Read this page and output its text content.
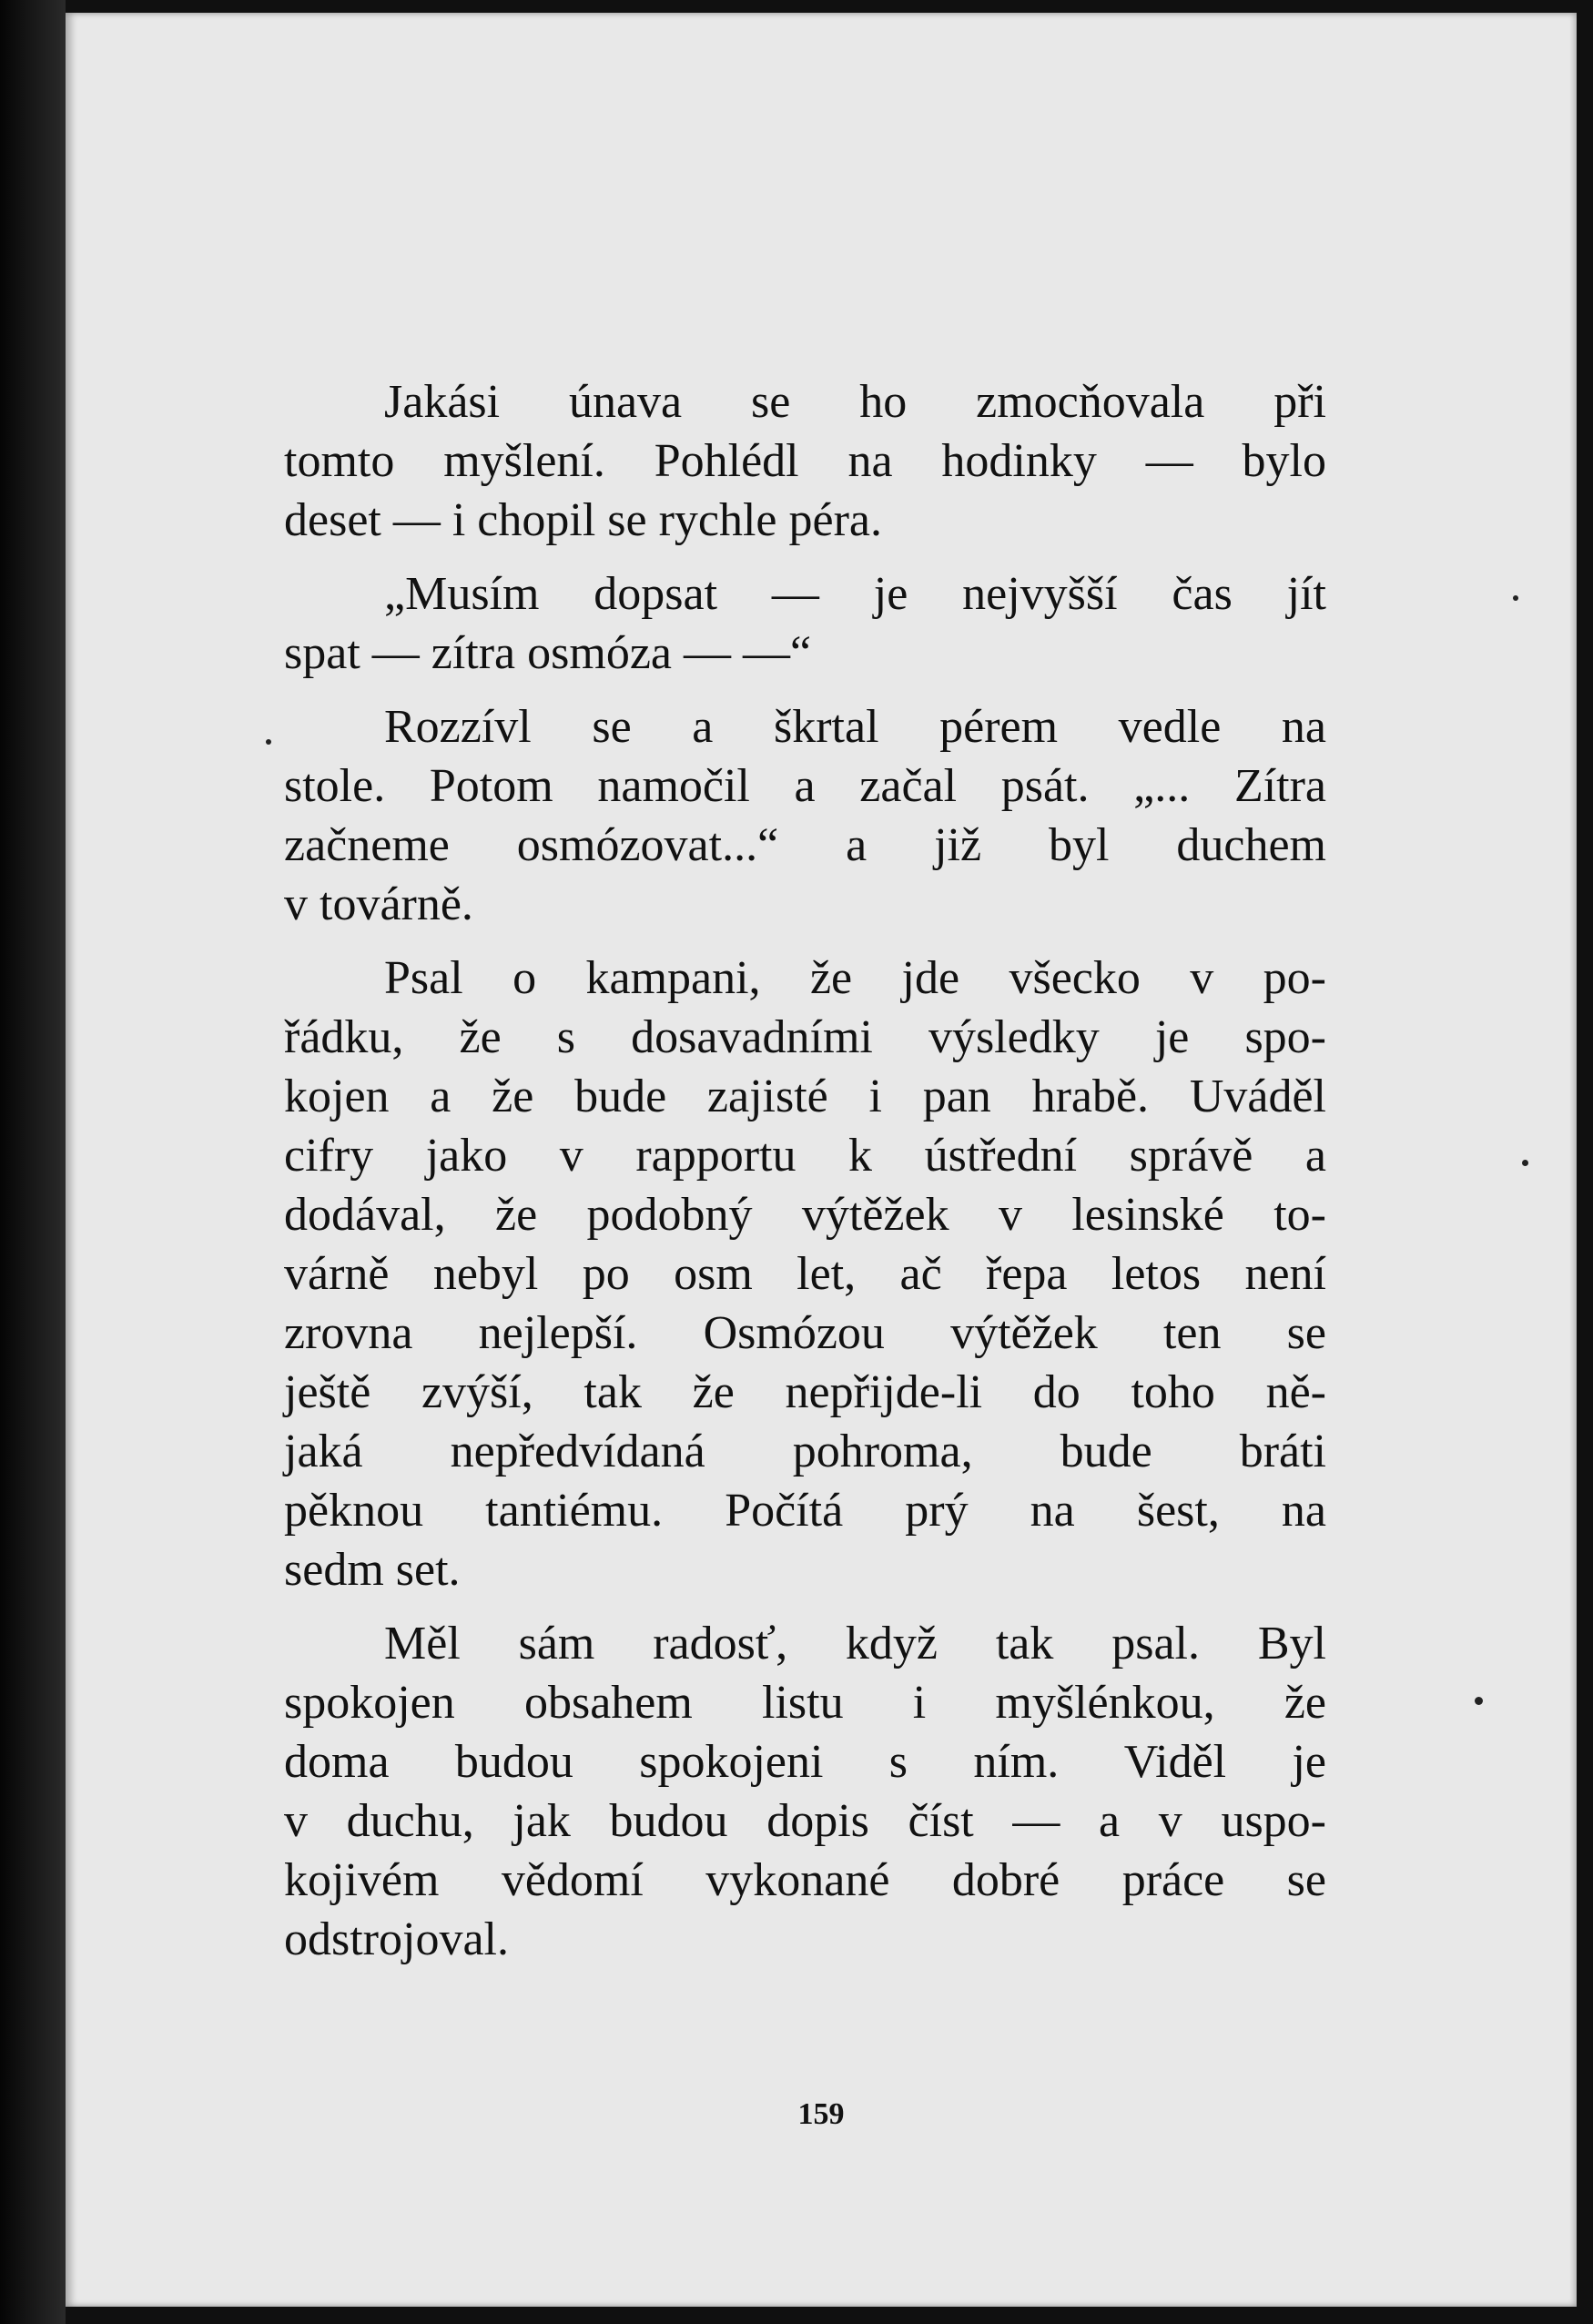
Jakási únava se ho zmocňovala při
tomto myšlení. Pohlédl na hodinky — bylo
deset — i chopil se rychle péra.
„Musím dopsat — je nejvyšší čas jít
spat — zítra osmóza — —“
Rozzívl se a škrtal pérem vedle na
stole. Potom namočil a začal psát. „... Zítra
začneme osmózovat...“ a již byl duchem
v továrně.
Psal o kampani, že jde všecko v po-
řádku, že s dosavadními výsledky je spo-
kojen a že bude zajisté i pan hrabě. Uváděl
cifry jako v rapportu k ústřední správě a
dodával, že podobný výtěžek v lesinské to-
várně nebyl po osm let, ač řepa letos není
zrovna nejlepší. Osmózou výtěžek ten se
ještě zvýší, tak že nepřijde-li do toho ně-
jaká nepředvídaná pohroma, bude bráti
pěknou tantiému. Počítá prý na šest, na
sedm set.
Měl sám radosť, když tak psal. Byl
spokojen obsahem listu i myšlénkou, že
doma budou spokojeni s ním. Viděl je
v duchu, jak budou dopis číst — a v uspo-
kojivém vědomí vykonané dobré práce se
odstrojoval.
159
